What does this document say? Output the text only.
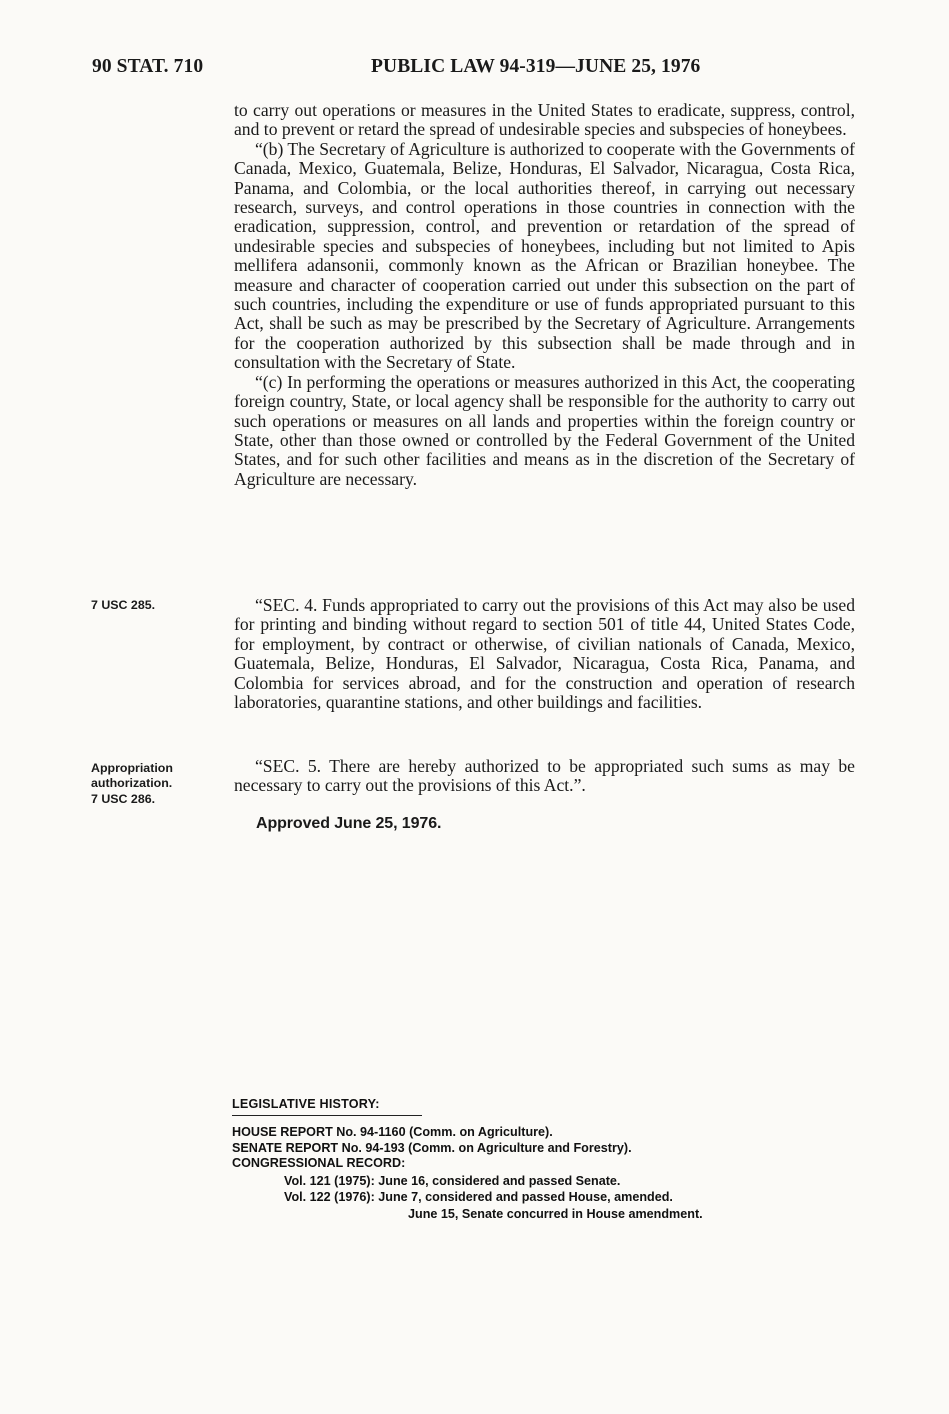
90 STAT. 710	PUBLIC LAW 94-319—JUNE 25, 1976

to carry out operations or measures in the United States to eradicate, suppress, control, and to prevent or retard the spread of undesirable species and subspecies of honeybees.

“(b) The Secretary of Agriculture is authorized to cooperate with the Governments of Canada, Mexico, Guatemala, Belize, Honduras, El Salvador, Nicaragua, Costa Rica, Panama, and Colombia, or the local authorities thereof, in carrying out necessary research, surveys, and control operations in those countries in connection with the eradication, suppression, control, and prevention or retardation of the spread of undesirable species and subspecies of honeybees, including but not limited to Apis mellifera adansonii, commonly known as the African or Brazilian honeybee. The measure and character of cooperation carried out under this subsection on the part of such countries, including the expenditure or use of funds appropriated pursuant to this Act, shall be such as may be prescribed by the Secretary of Agriculture. Arrangements for the cooperation authorized by this subsection shall be made through and in consultation with the Secretary of State.

“(c) In performing the operations or measures authorized in this Act, the cooperating foreign country, State, or local agency shall be responsible for the authority to carry out such operations or measures on all lands and properties within the foreign country or State, other than those owned or controlled by the Federal Government of the United States, and for such other facilities and means as in the discretion of the Secretary of Agriculture are necessary.

“SEC. 4. Funds appropriated to carry out the provisions of this Act may also be used for printing and binding without regard to section 501 of title 44, United States Code, for employment, by contract or otherwise, of civilian nationals of Canada, Mexico, Guatemala, Belize, Honduras, El Salvador, Nicaragua, Costa Rica, Panama, and Colombia for services abroad, and for the construction and operation of research laboratories, quarantine stations, and other buildings and facilities.

“SEC. 5. There are hereby authorized to be appropriated such sums as may be necessary to carry out the provisions of this Act.”.

7 USC 285.
Appropriation authorization.
7 USC 286.
Approved June 25, 1976.
LEGISLATIVE HISTORY:
HOUSE REPORT No. 94-1160 (Comm. on Agriculture).
SENATE REPORT No. 94-193 (Comm. on Agriculture and Forestry).
CONGRESSIONAL RECORD:
Vol. 121 (1975): June 16, considered and passed Senate.
Vol. 122 (1976): June 7, considered and passed House, amended.
June 15, Senate concurred in House amendment.
